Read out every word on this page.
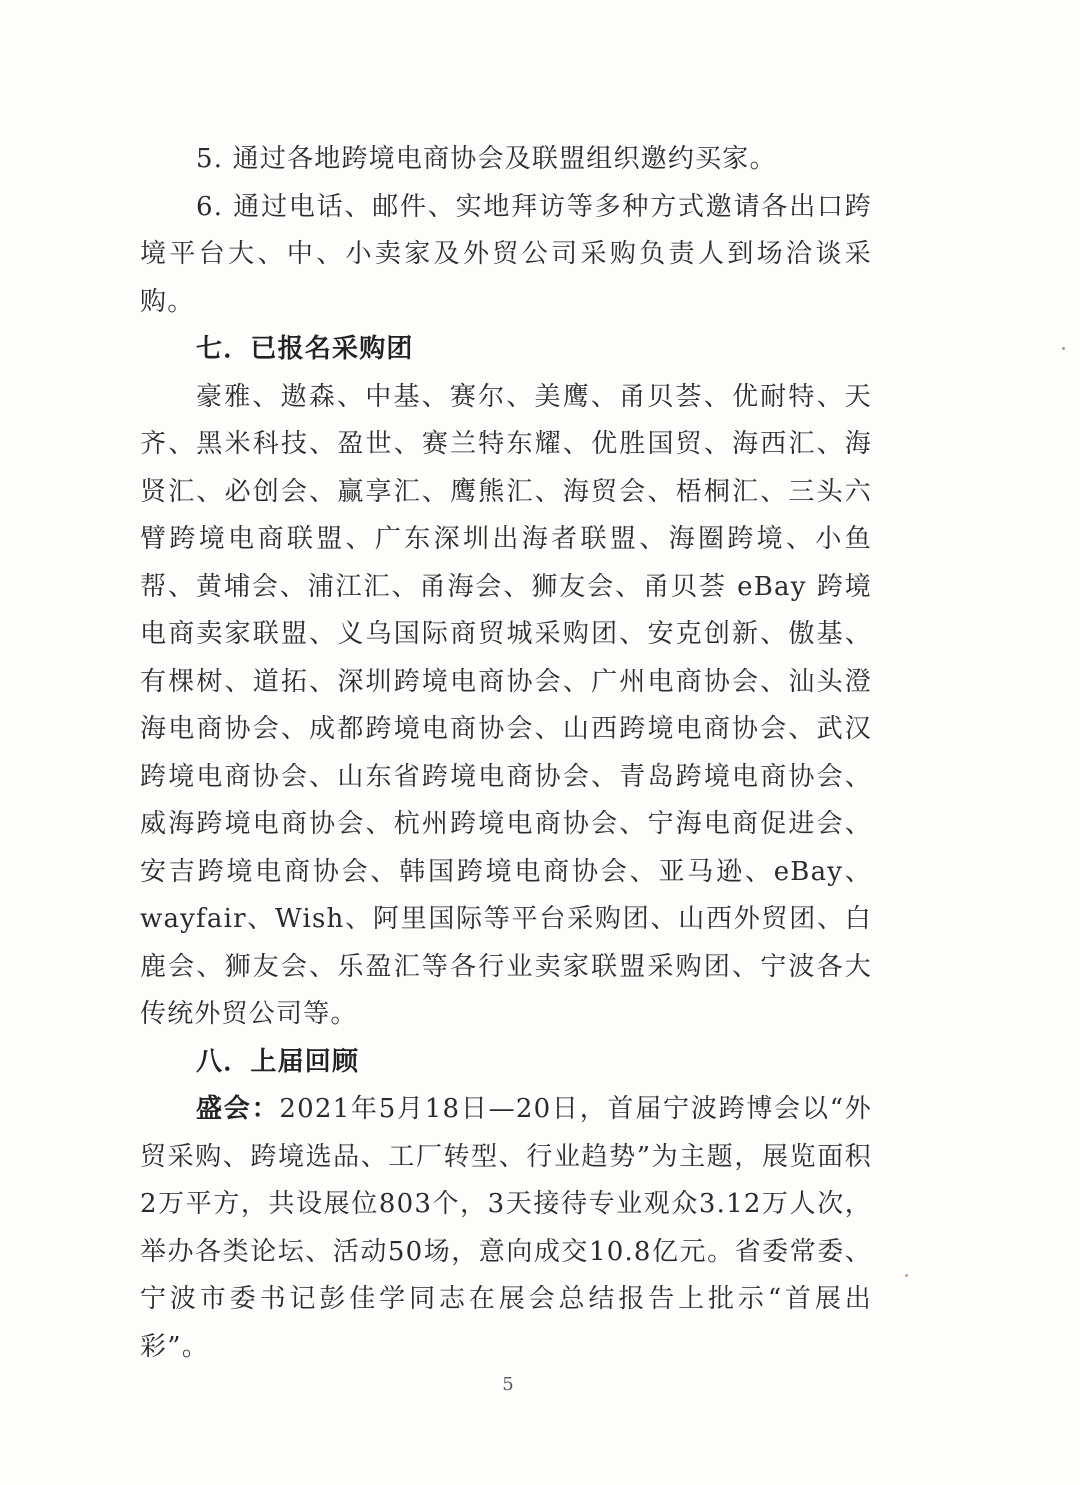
5. 通过各地跨境电商协会及联盟组织邀约买家。

6. 通过电话、邮件、实地拜访等多种方式邀请各出口跨境平台大、中、小卖家及外贸公司采购负责人到场洽谈采购。

七．已报名采购团

豪雅、遨森、中基、赛尔、美鹰、甬贝荟、优耐特、天齐、黑米科技、盈世、赛兰特东耀、优胜国贸、海西汇、海贤汇、必创会、赢享汇、鹰熊汇、海贸会、梧桐汇、三头六臂跨境电商联盟、广东深圳出海者联盟、海圈跨境、小鱼帮、黄埔会、浦江汇、甬海会、狮友会、甬贝荟 eBay 跨境电商卖家联盟、义乌国际商贸城采购团、安克创新、傲基、有棵树、道拓、深圳跨境电商协会、广州电商协会、汕头澄海电商协会、成都跨境电商协会、山西跨境电商协会、武汉跨境电商协会、山东省跨境电商协会、青岛跨境电商协会、威海跨境电商协会、杭州跨境电商协会、宁海电商促进会、安吉跨境电商协会、韩国跨境电商协会、亚马逊、eBay、wayfair、Wish、阿里国际等平台采购团、山西外贸团、白鹿会、狮友会、乐盈汇等各行业卖家联盟采购团、宁波各大传统外贸公司等。

八．上届回顾

盛会：2021年5月18日—20日，首届宁波跨博会以“外贸采购、跨境选品、工厂转型、行业趋势”为主题，展览面积2万平方，共设展位803个，3天接待专业观众3.12万人次，举办各类论坛、活动50场，意向成交10.8亿元。省委常委、宁波市委书记彭佳学同志在展会总结报告上批示“首展出彩”。

5
